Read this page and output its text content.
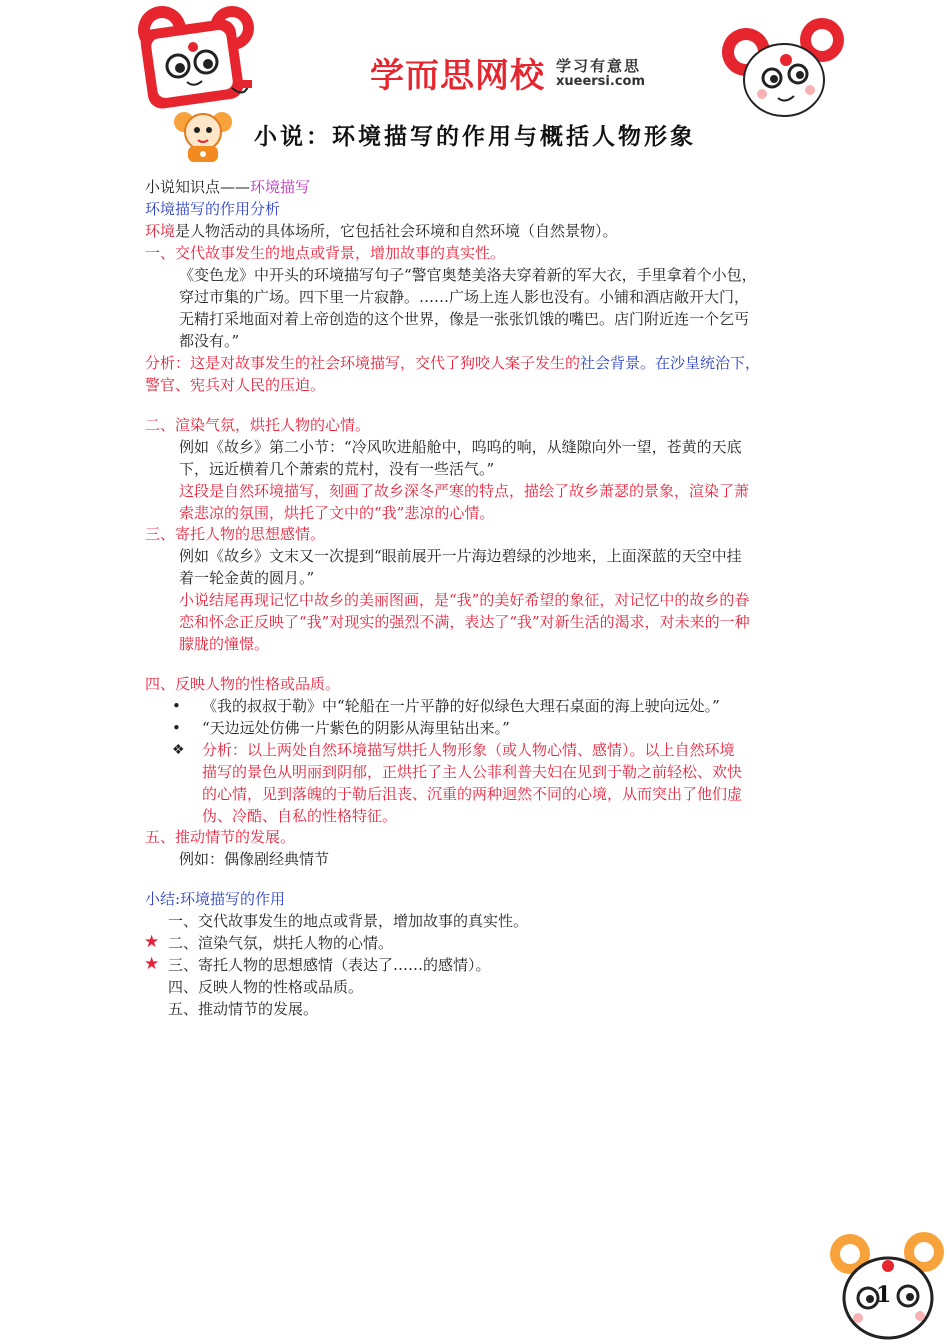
学而思网校 学习有意思
xueersi.com
小说：环境描写的作用与概括人物形象
小说知识点——环境描写
环境描写的作用分析
环境是人物活动的具体场所，它包括社会环境和自然环境（自然景物）。
一、交代故事发生的地点或背景，增加故事的真实性。
《变色龙》中开头的环境描写句子“警官奥楚美洛夫穿着新的军大衣，手里拿着个小包，
穿过市集的广场。四下里一片寂静。……广场上连人影也没有。小铺和酒店敞开大门，
无精打采地面对着上帝创造的这个世界，像是一张张饥饿的嘴巴。店门附近连一个乞丐
都没有。”
分析：这是对故事发生的社会环境描写，交代了狗咬人案子发生的社会背景。在沙皇统治下，
警官、宪兵对人民的压迫。
二、渲染气氛，烘托人物的心情。
例如《故乡》第二小节：“冷风吹进船舱中，呜呜的响，从缝隙向外一望，苍黄的天底
下，远近横着几个萧索的荒村，没有一些活气。”
这段是自然环境描写，刻画了故乡深冬严寒的特点，描绘了故乡萧瑟的景象，渲染了萧
索悲凉的氛围，烘托了文中的“我”悲凉的心情。
三、寄托人物的思想感情。
例如《故乡》文末又一次提到“眼前展开一片海边碧绿的沙地来，上面深蓝的天空中挂
着一轮金黄的圆月。”
小说结尾再现记忆中故乡的美丽图画，是“我”的美好希望的象征，对记忆中的故乡的眷
恋和怀念正反映了“我”对现实的强烈不满，表达了“我”对新生活的渴求，对未来的一种
朦胧的憧憬。
四、反映人物的性格或品质。
• 《我的叔叔于勒》中“轮船在一片平静的好似绿色大理石桌面的海上驶向远处。”
• “天边远处仿佛一片紫色的阴影从海里钻出来。”
❖ 分析：以上两处自然环境描写烘托人物形象（或人物心情、感情）。以上自然环境
描写的景色从明丽到阴郁，正烘托了主人公菲利普夫妇在见到于勒之前轻松、欢快
的心情，见到落魄的于勒后沮丧、沉重的两种迥然不同的心境，从而突出了他们虚
伪、冷酷、自私的性格特征。
五、推动情节的发展。
例如：偶像剧经典情节
小结:环境描写的作用
一、交代故事发生的地点或背景，增加故事的真实性。
★ 二、渲染气氛，烘托人物的心情。
★ 三、寄托人物的思想感情（表达了……的感情）。
四、反映人物的性格或品质。
五、推动情节的发展。
1
